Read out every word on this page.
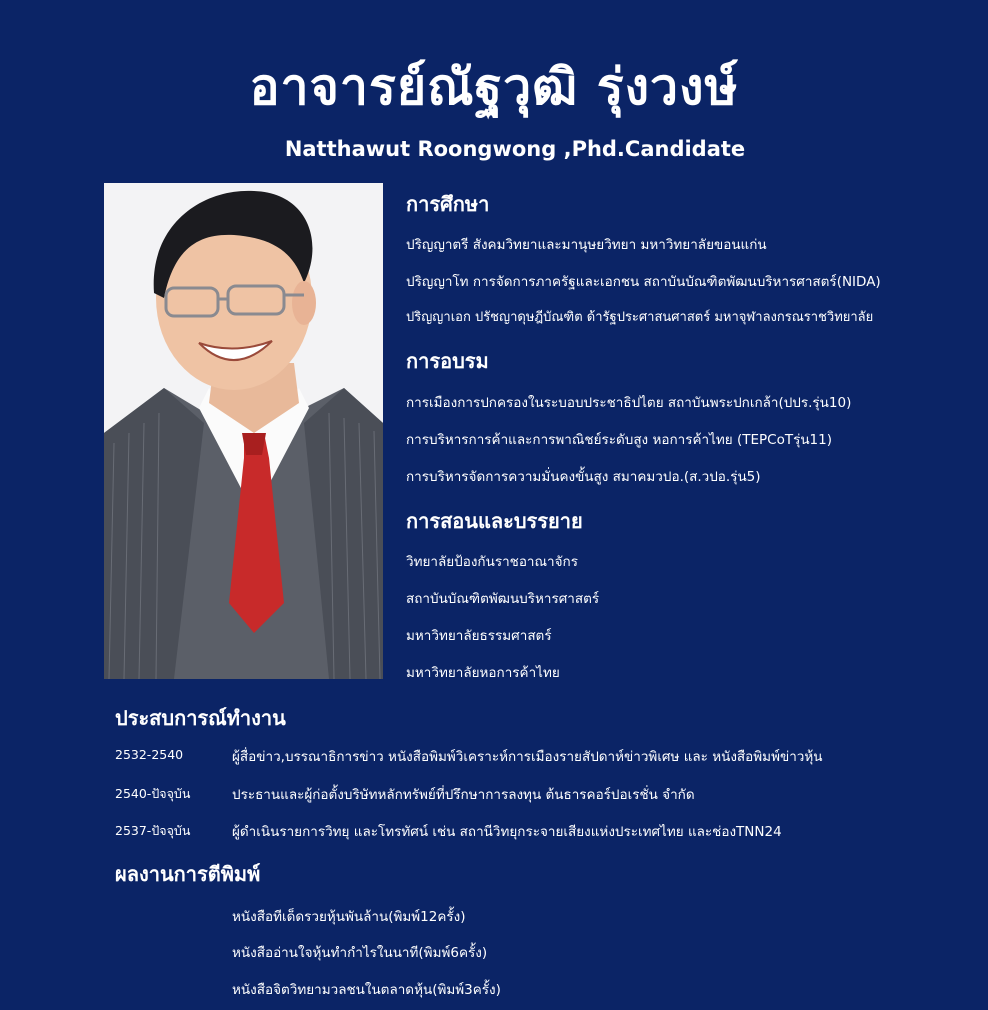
อาจารย์ณัฐวุฒิ รุ่งวงษ์
Natthawut Roongwong ,Phd.Candidate
การศึกษา
ปริญญาตรี สังคมวิทยาและมานุษยวิทยา มหาวิทยาลัยขอนแก่น
ปริญญาโท การจัดการภาครัฐและเอกชน สถาบันบัณฑิตพัฒนบริหารศาสตร์(NIDA)
ปริญญาเอก ปรัชญาดุษฎีบัณฑิต ด้ารัฐประศาสนศาสตร์ มหาจุฬาลงกรณราชวิทยาลัย
การอบรม
การเมืองการปกครองในระบอบประชาธิปไตย สถาบันพระปกเกล้า(ปปร.รุ่น10)
การบริหารการค้าและการพาณิชย์ระดับสูง หอการค้าไทย (TEPCoTรุ่น11)
การบริหารจัดการความมั่นคงขั้นสูง สมาคมวปอ.(ส.วปอ.รุ่น5)
การสอนและบรรยาย
วิทยาลัยป้องกันราชอาณาจักร
สถาบันบัณฑิตพัฒนบริหารศาสตร์
มหาวิทยาลัยธรรมศาสตร์
มหาวิทยาลัยหอการค้าไทย
ประสบการณ์ทำงาน
2532-2540	ผู้สื่อข่าว,บรรณาธิการข่าว หนังสือพิมพ์วิเคราะห์การเมืองรายสัปดาห์ข่าวพิเศษ และ หนังสือพิมพ์ข่าวหุ้น
2540-ปัจจุบัน	ประธานและผู้ก่อตั้งบริษัทหลักทรัพย์ที่ปรึกษาการลงทุน ต้นธารคอร์ปอเรชั่น จำกัด
2537-ปัจจุบัน	ผู้ดำเนินรายการวิทยุ และโทรทัศน์ เช่น สถานีวิทยุกระจายเสียงแห่งประเทศไทย และช่องTNN24
ผลงานการตีพิมพ์
หนังสือทีเด็ดรวยหุ้นพันล้าน(พิมพ์12ครั้ง)
หนังสืออ่านใจหุ้นทำกำไรในนาที(พิมพ์6ครั้ง)
หนังสือจิตวิทยามวลชนในตลาดหุ้น(พิมพ์3ครั้ง)
